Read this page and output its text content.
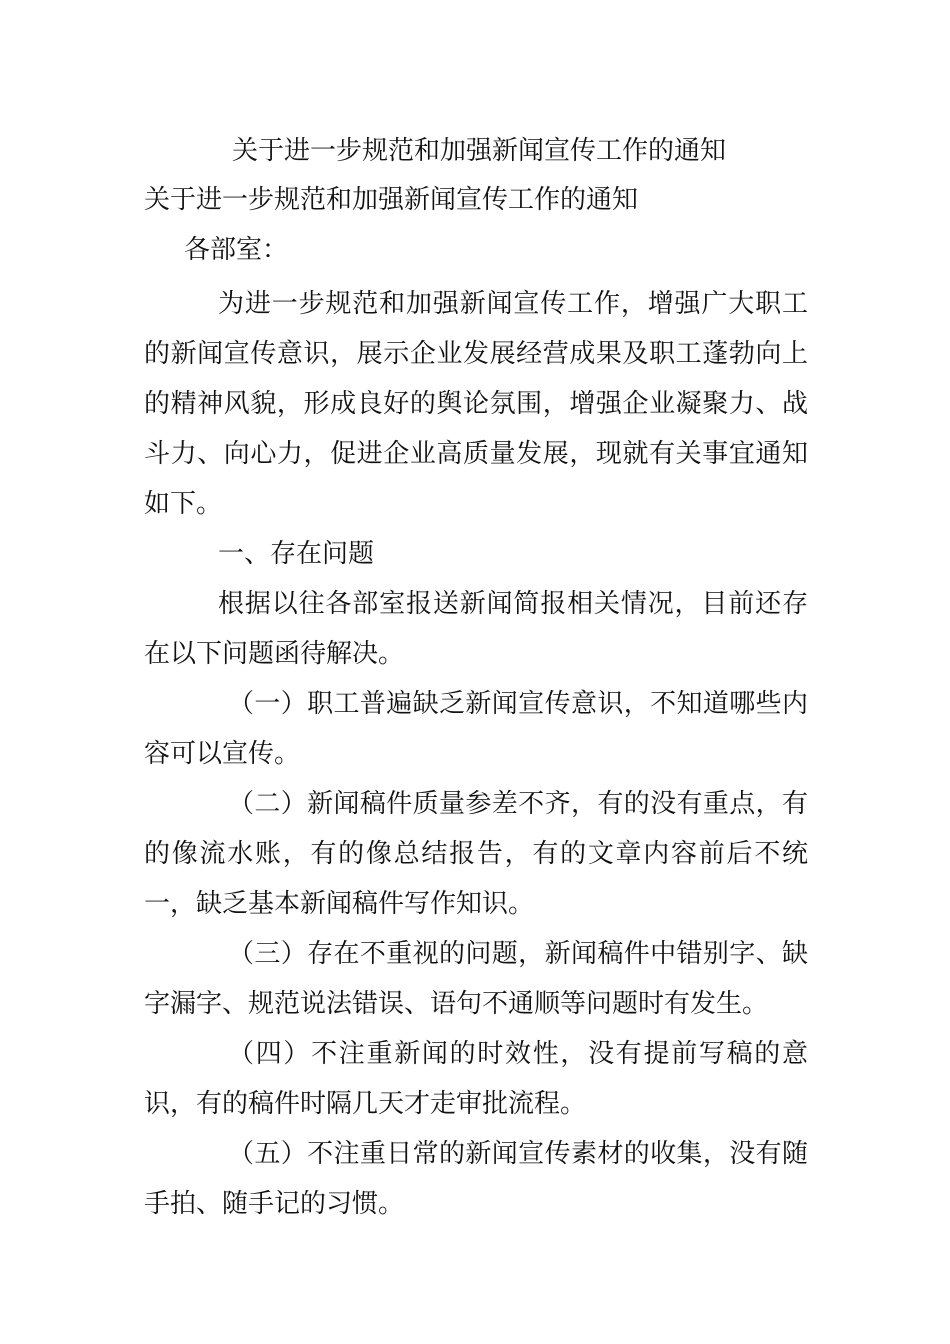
关于进一步规范和加强新闻宣传工作的通知
关于进一步规范和加强新闻宣传工作的通知
各部室：

为进一步规范和加强新闻宣传工作，增强广大职工的新闻宣传意识，展示企业发展经营成果及职工蓬勃向上的精神风貌，形成良好的舆论氛围，增强企业凝聚力、战斗力、向心力，促进企业高质量发展，现就有关事宜通知如下。

一、存在问题

根据以往各部室报送新闻简报相关情况，目前还存在以下问题函待解决。

（一）职工普遍缺乏新闻宣传意识，不知道哪些内容可以宣传。

（二）新闻稿件质量参差不齐，有的没有重点，有的像流水账，有的像总结报告，有的文章内容前后不统一，缺乏基本新闻稿件写作知识。

（三）存在不重视的问题，新闻稿件中错别字、缺字漏字、规范说法错误、语句不通顺等问题时有发生。

（四）不注重新闻的时效性，没有提前写稿的意识，有的稿件时隔几天才走审批流程。

（五）不注重日常的新闻宣传素材的收集，没有随手拍、随手记的习惯。
